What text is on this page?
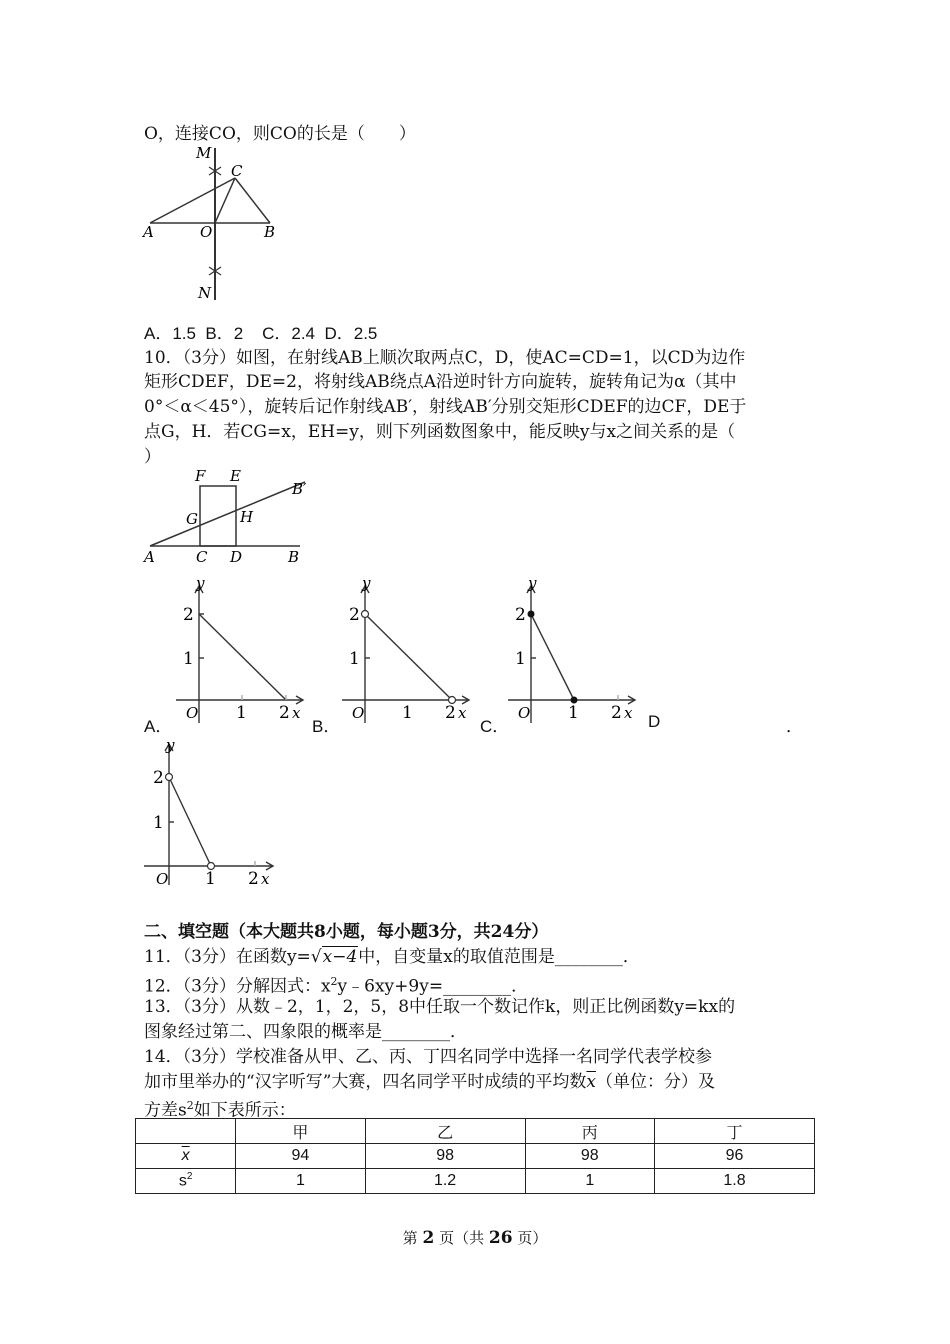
O，连接CO，则CO的长是（　　）
M
C
A	O	B
N
A．1.5  B．2    C．2.4  D．2.5
10．（3分）如图，在射线AB上顺次取两点C，D，使AC=CD=1，以CD为边作
矩形CDEF，DE=2，将射线AB绕点A沿逆时针方向旋转，旋转角记为α（其中
0°＜α＜45°），旋转后记作射线AB′，射线AB′分别交矩形CDEF的边CF，DE于
点G，H．若CG=x，EH=y，则下列函数图象中，能反映y与x之间关系的是（
）
F E
B′
G	H
A	C D	B
y
2
1
O 1 2 x
A．
y
2
1
O 1 2 x
B．
y
2
1
O 1 2 x
C．	D	．
y
2
1
O 1 2 x
二、填空题（本大题共8小题，每小题3分，共24分）
11．（3分）在函数y=√x−4中，自变量x的取值范围是________．
12．（3分）分解因式：$x^2y﹣6xy+9y=\_\_\_\_\_\_\_\_$．
13．（3分）从数﹣2，1，2，5，8中任取一个数记作k，则正比例函数y=kx的
图象经过第二、四象限的概率是________．
14．（3分）学校准备从甲、乙、丙、丁四名同学中选择一名同学代表学校参
加市里举办的“汉字听写”大赛，四名同学平时成绩的平均数$\overline{x}$（单位：分）及
方差$s^2$如下表所示：
	甲	乙	丙	丁
$\overline{x}$	94	98	98	96
$s^2$	1	1.2	1	1.8
第 2 页（共 26 页）
